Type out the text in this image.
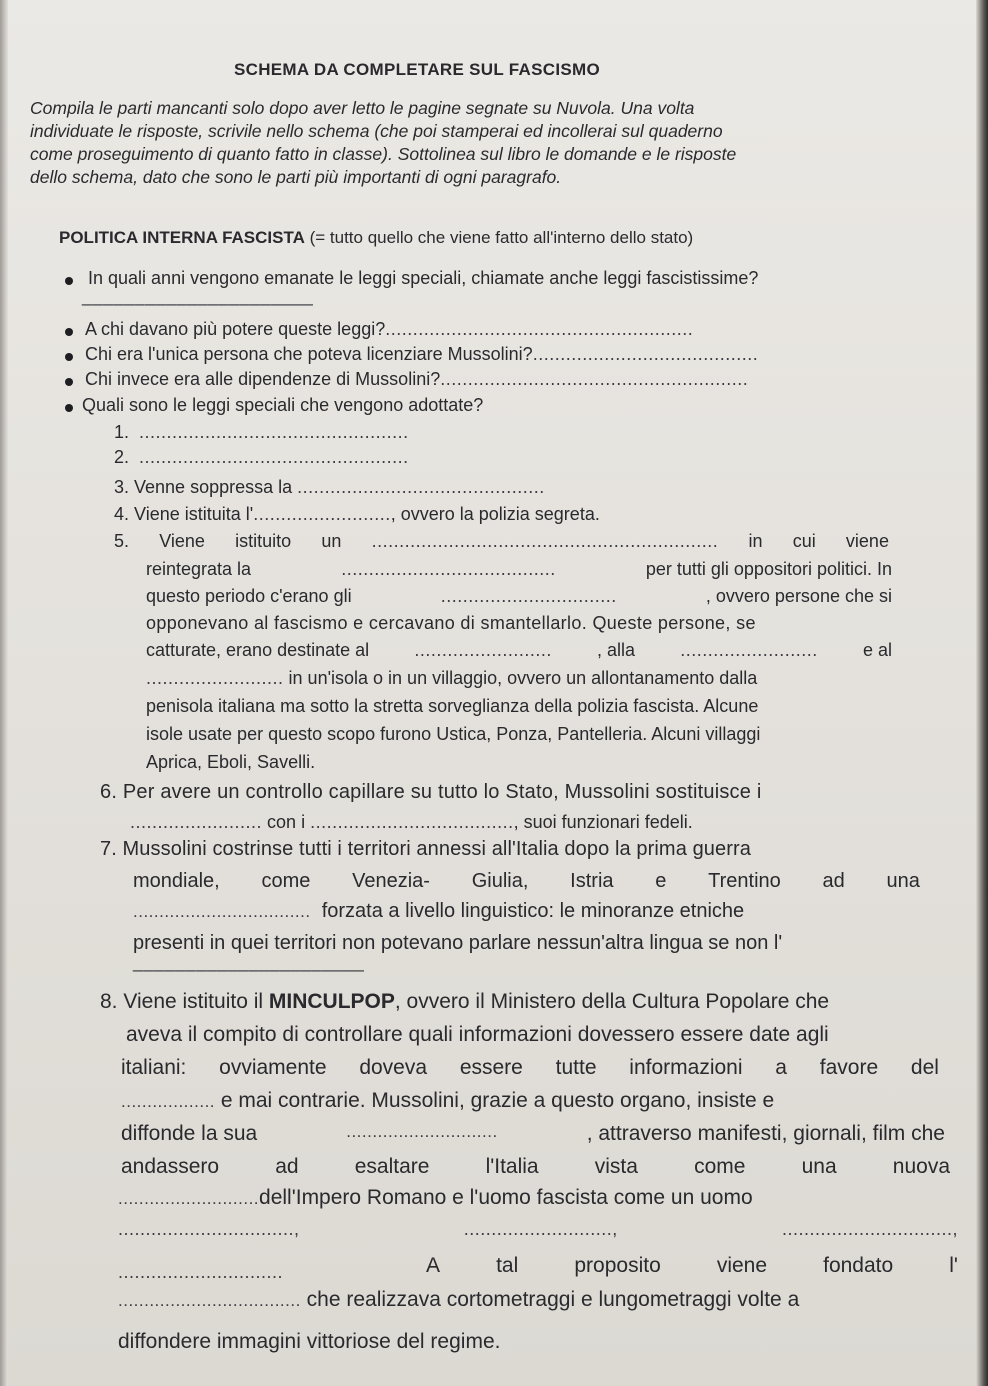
SCHEMA DA COMPLETARE SUL FASCISMO
Compila le parti mancanti solo dopo aver letto le pagine segnate su Nuvola. Una volta
individuate le risposte, scrivile nello schema (che poi stamperai ed incollerai sul quaderno
come proseguimento di quanto fatto in classe). Sottolinea sul libro le domande e le risposte
dello schema, dato che sono le parti più importanti di ogni paragrafo.
POLITICA INTERNA FASCISTA (= tutto quello che viene fatto all'interno dello stato)
In quali anni vengono emanate le leggi speciali, chiamate anche leggi fascistissime?
______________________
A chi davano più potere queste leggi?........................................................
Chi era l'unica persona che poteva licenziare Mussolini?.........................................
Chi invece era alle dipendenze di Mussolini?........................................................
Quali sono le leggi speciali che vengono adottate?
1. .................................................
2. .................................................
3. Venne soppressa la .............................................
4. Viene istituita l'........................., ovvero la polizia segreta.
5. Viene istituito un ............................................................... in cui viene
reintegrata la	.......................................	per tutti gli oppositori politici. In
questo periodo c'erano gli	................................	, ovvero persone che si
opponevano al fascismo e cercavano di smantellarlo. Queste persone, se
catturate, erano destinate al	.........................	, alla	.........................	e al
......................... in un'isola o in un villaggio, ovvero un allontanamento dalla
penisola italiana ma sotto la stretta sorveglianza della polizia fascista. Alcune
isole usate per questo scopo furono Ustica, Ponza, Pantelleria. Alcuni villaggi
Aprica, Eboli, Savelli.
6. Per avere un controllo capillare su tutto lo Stato, Mussolini sostituisce i
........................ con i ....................................., suoi funzionari fedeli.
7. Mussolini costrinse tutti i territori annessi all'Italia dopo la prima guerra
mondiale, come Venezia- Giulia, Istria e Trentino ad una
.................................. forzata a livello linguistico: le minoranze etniche
presenti in quei territori non potevano parlare nessun'altra lingua se non l'
______________________
8. Viene istituito il MINCULPOP, ovvero il Ministero della Cultura Popolare che
aveva il compito di controllare quali informazioni dovessero essere date agli
italiani: ovviamente doveva essere tutte informazioni a favore del
.................. e mai contrarie. Mussolini, grazie a questo organo, insiste e
diffonde la sua	.............................	, attraverso manifesti, giornali, film che
andassero	ad	esaltare	l'Italia	vista	come	una	nuova
...........................dell'Impero Romano e l'uomo fascista come un uomo
................................,	...........................,	...............................,
..............................	A	tal	proposito	viene	fondato	l'
................................... che realizzava cortometraggi e lungometraggi volte a
diffondere immagini vittoriose del regime.
